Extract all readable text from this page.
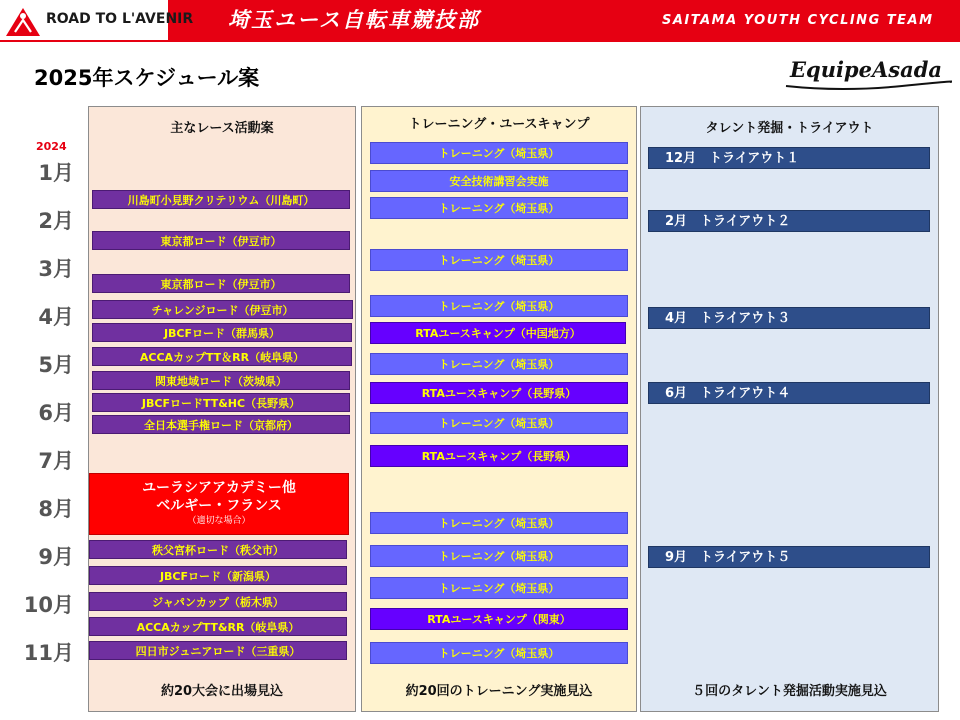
ROAD TO L'AVENIR 埼玉ユース自転車競技部	SAITAMA YOUTH CYCLING TEAM
2025年スケジュール案	EquipeAsada
主なレース活動案
約20大会に出場見込
トレーニング・ユースキャンプ
約20回のトレーニング実施見込
タレント発掘・トライアウト
５回のタレント発掘活動実施見込
2024
1月
2月
3月
4月
5月
6月
7月
8月
9月
10月
11月
川島町小見野クリテリウム（川島町）
東京都ロード（伊豆市）
東京都ロード（伊豆市）
チャレンジロード（伊豆市）
JBCFロード（群馬県）
ACCAカップTT＆RR（岐阜県）
関東地域ロード（茨城県）
JBCFロードTT&HC（長野県）
全日本選手権ロード（京都府）
ユーラシアアカデミー他
ベルギー・フランス
（適切な場合）
秩父宮杯ロード（秩父市）
JBCFロード（新潟県）
ジャパンカップ（栃木県）
ACCAカップTT&RR（岐阜県）
四日市ジュニアロード（三重県）
トレーニング（埼玉県）
安全技術講習会実施
トレーニング（埼玉県）
トレーニング（埼玉県）
トレーニング（埼玉県）
RTAユースキャンプ（中国地方）
トレーニング（埼玉県）
RTAユースキャンプ（長野県）
トレーニング（埼玉県）
RTAユースキャンプ（長野県）
トレーニング（埼玉県）
トレーニング（埼玉県）
トレーニング（埼玉県）
RTAユースキャンプ（関東）
トレーニング（埼玉県）
12月　トライアウト１
2月　トライアウト２
4月　トライアウト３
6月　トライアウト４
9月　トライアウト５
